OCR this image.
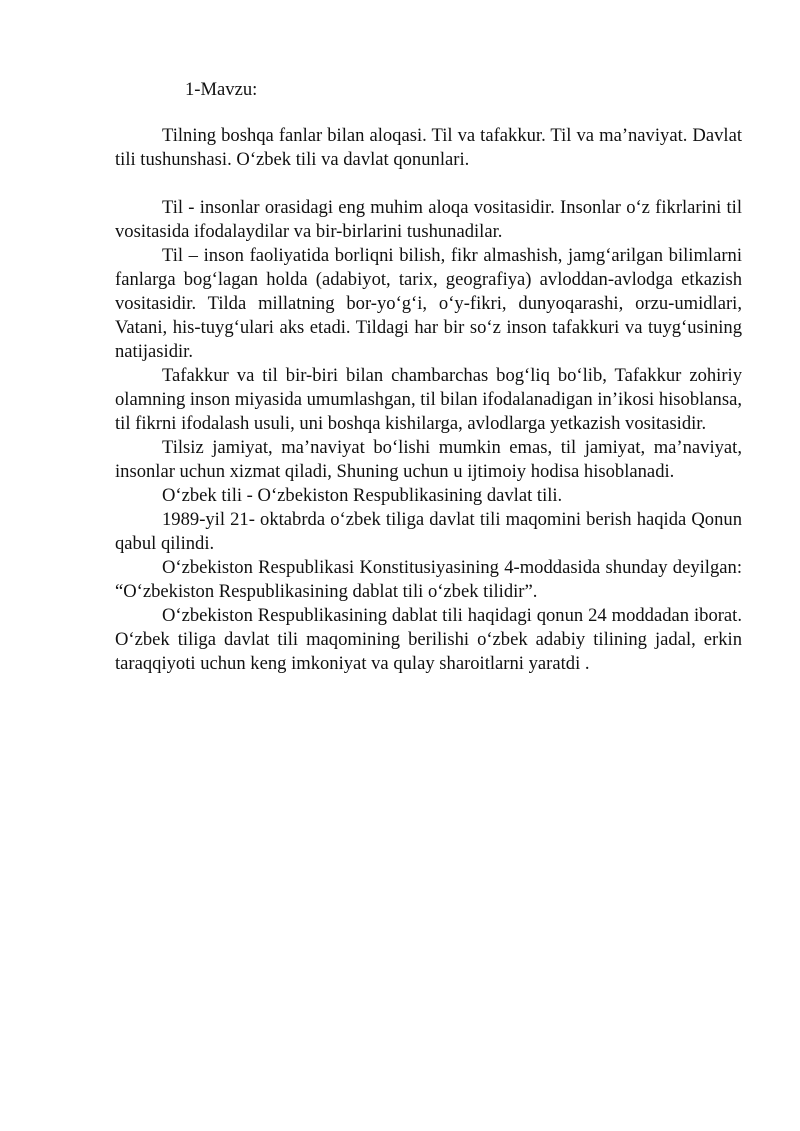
1-Mavzu:

Tilning boshqa fanlar bilan aloqasi. Til va tafakkur. Til va ma’naviyat. Davlat tili tushunshasi. O‘zbek tili va davlat qonunlari.

Til - insonlar orasidagi eng muhim aloqa vositasidir. Insonlar o‘z fikrlarini til vositasida ifodalaydilar va bir-birlarini tushunadilar.

Til – inson faoliyatida borliqni bilish, fikr almashish, jamg‘arilgan bilimlarni fanlarga bog‘lagan holda (adabiyot, tarix, geografiya) avloddan-avlodga etkazish vositasidir. Tilda millatning bor-yo‘g‘i, o‘y-fikri, dunyoqarashi, orzu-umidlari, Vatani, his-tuyg‘ulari aks etadi. Tildagi har bir so‘z inson tafakkuri va tuyg‘usining natijasidir.

Tafakkur va til bir-biri bilan chambarchas bog‘liq bo‘lib, Tafakkur zohiriy olamning inson miyasida umumlashgan, til bilan ifodalanadigan in’ikosi hisoblansa, til fikrni ifodalash usuli, uni boshqa kishilarga, avlodlarga yetkazish vositasidir.

Tilsiz jamiyat, ma’naviyat bo‘lishi mumkin emas, til jamiyat, ma’naviyat, insonlar uchun xizmat qiladi, Shuning uchun u ijtimoiy hodisa hisoblanadi.

O‘zbek tili - O‘zbekiston Respublikasining davlat tili.

1989-yil 21- oktabrda o‘zbek tiliga davlat tili maqomini berish haqida Qonun qabul qilindi.

O‘zbekiston Respublikasi Konstitusiyasining 4-moddasida shunday deyilgan: “O‘zbekiston Respublikasining dablat tili o‘zbek tilidir”.

O‘zbekiston Respublikasining dablat tili haqidagi qonun 24 moddadan iborat. O‘zbek tiliga davlat tili maqomining berilishi o‘zbek adabiy tilining jadal, erkin taraqqiyoti uchun keng imkoniyat va qulay sharoitlarni yaratdi .
